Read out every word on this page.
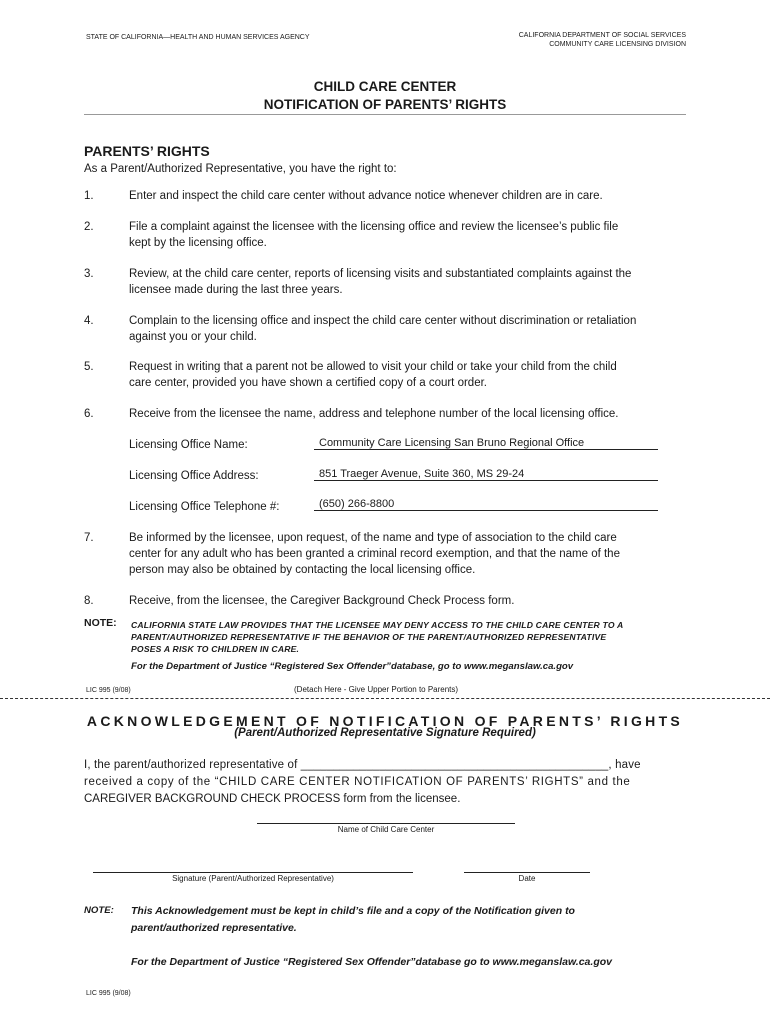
STATE OF CALIFORNIA—HEALTH AND HUMAN SERVICES AGENCY	CALIFORNIA DEPARTMENT OF SOCIAL SERVICES
COMMUNITY CARE LICENSING DIVISION
CHILD CARE CENTER
NOTIFICATION OF PARENTS’ RIGHTS
PARENTS’ RIGHTS
As a Parent/Authorized Representative, you have the right to:
1.	Enter and inspect the child care center without advance notice whenever children are in care.
2.	File a complaint against the licensee with the licensing office and review the licensee’s public file
kept by the licensing office.
3.	Review, at the child care center, reports of licensing visits and substantiated complaints against the
licensee made during the last three years.
4.	Complain to the licensing office and inspect the child care center without discrimination or retaliation
against you or your child.
5.	Request in writing that a parent not be allowed to visit your child or take your child from the child
care center, provided you have shown a certified copy of a court order.
6.	Receive from the licensee the name, address and telephone number of the local licensing office.
Licensing Office Name:	Community Care Licensing San Bruno Regional Office
Licensing Office Address:	851 Traeger Avenue, Suite 360, MS 29-24
Licensing Office Telephone #:	(650) 266-8800
7.	Be informed by the licensee, upon request, of the name and type of association to the child care
center for any adult who has been granted a criminal record exemption, and that the name of the
person may also be obtained by contacting the local licensing office.
8.	Receive, from the licensee, the Caregiver Background Check Process form.
NOTE: CALIFORNIA STATE LAW PROVIDES THAT THE LICENSEE MAY DENY ACCESS TO THE CHILD CARE CENTER TO A
PARENT/AUTHORIZED REPRESENTATIVE IF THE BEHAVIOR OF THE PARENT/AUTHORIZED REPRESENTATIVE
POSES A RISK TO CHILDREN IN CARE.
For the Department of Justice “Registered Sex Offender”database, go to www.meganslaw.ca.gov
LIC 995 (9/08)	(Detach Here - Give Upper Portion to Parents)
ACKNOWLEDGEMENT OF NOTIFICATION OF PARENTS’ RIGHTS
(Parent/Authorized Representative Signature Required)
I, the parent/authorized representative of _______________________________________________, have
received a copy of the “CHILD CARE CENTER NOTIFICATION OF PARENTS’ RIGHTS” and the
CAREGIVER BACKGROUND CHECK PROCESS form from the licensee.
Name of Child Care Center
Signature (Parent/Authorized Representative)	Date
NOTE: This Acknowledgement must be kept in child’s file and a copy of the Notification given to
parent/authorized representative.
For the Department of Justice “Registered Sex Offender”database go to www.meganslaw.ca.gov
LIC 995 (9/08)
